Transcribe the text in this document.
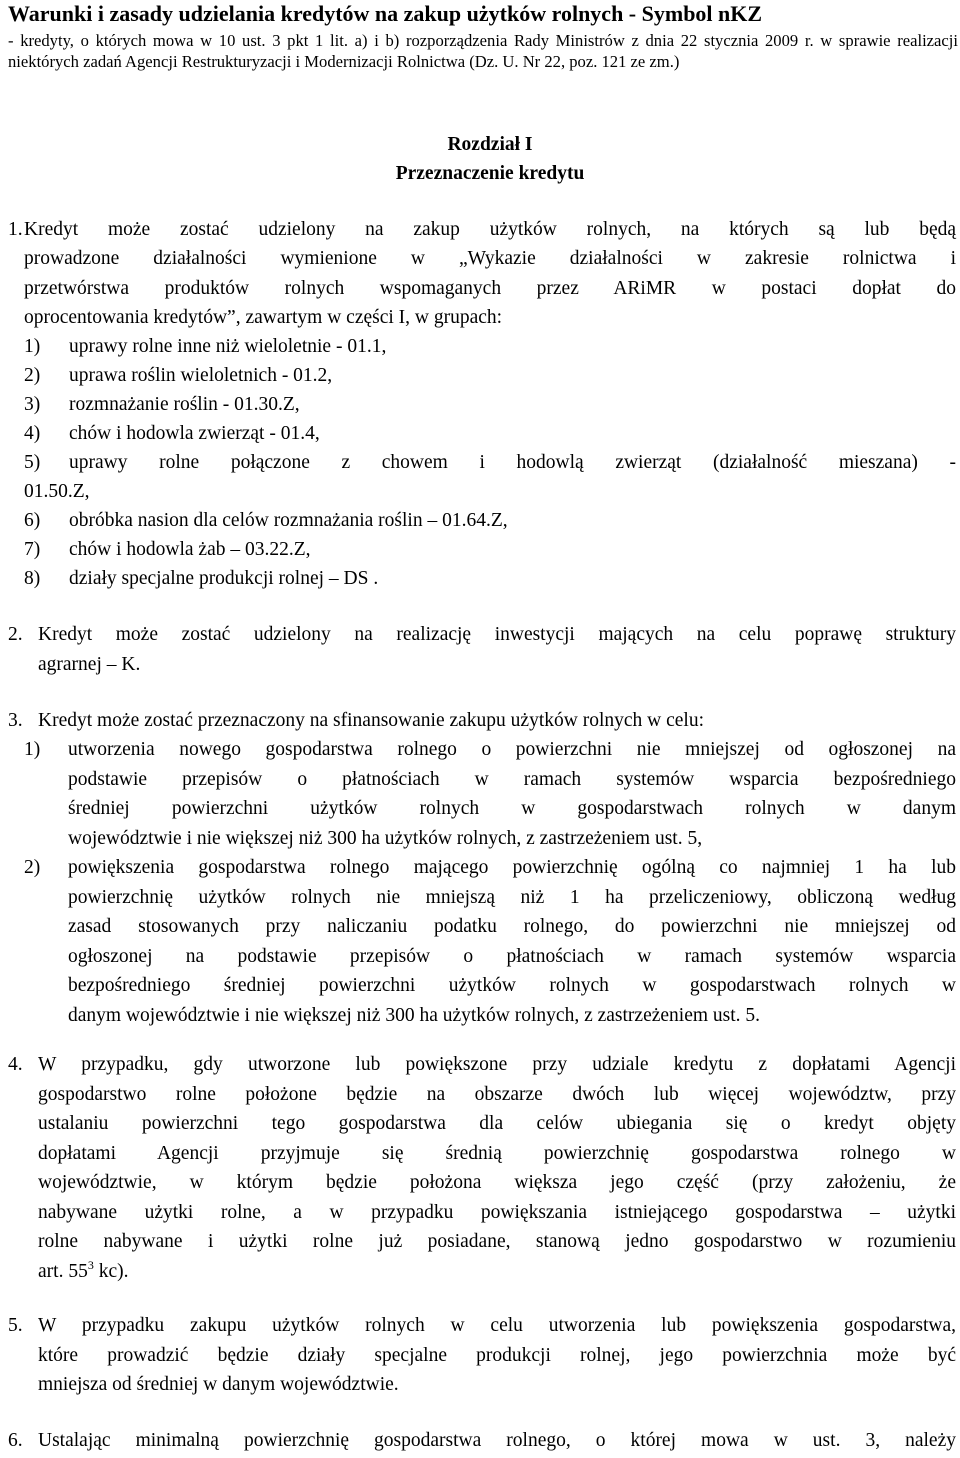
Warunki i zasady udzielania kredytów na zakup użytków rolnych - Symbol nKZ

- kredyty, o których mowa w 10 ust. 3 pkt 1 lit. a) i b) rozporządzenia Rady Ministrów z dnia 22 stycznia 2009 r. w sprawie realizacji niektórych zadań Agencji Restrukturyzacji i Modernizacji Rolnictwa (Dz. U. Nr 22, poz. 121 ze zm.)

Rozdział I

Przeznaczenie kredytu

1. Kredyt może zostać udzielony na zakup użytków rolnych, na których są lub będą
prowadzone działalności wymienione w „Wykazie działalności w zakresie rolnictwa i
przetwórstwa produktów rolnych wspomaganych przez ARiMR w postaci dopłat do
oprocentowania kredytów”, zawartym w części I, w grupach:
1) uprawy rolne inne niż wieloletnie - 01.1,
2) uprawa roślin wieloletnich - 01.2,
3) rozmnażanie roślin - 01.30.Z,
4) chów i hodowla zwierząt - 01.4,
5) uprawy rolne połączone z chowem i hodowlą zwierząt (działalność mieszana) -
01.50.Z,
6) obróbka nasion dla celów rozmnażania roślin – 01.64.Z,
7) chów i hodowla żab – 03.22.Z,
8) działy specjalne produkcji rolnej – DS .
2. Kredyt może zostać udzielony na realizację inwestycji mających na celu poprawę struktury
agrarnej – K.
3. Kredyt może zostać przeznaczony na sfinansowanie zakupu użytków rolnych w celu:
1) utworzenia nowego gospodarstwa rolnego o powierzchni nie mniejszej od ogłoszonej na
podstawie przepisów o płatnościach w ramach systemów wsparcia bezpośredniego
średniej powierzchni użytków rolnych w gospodarstwach rolnych w danym
województwie i nie większej niż 300 ha użytków rolnych, z zastrzeżeniem ust. 5,
2) powiększenia gospodarstwa rolnego mającego powierzchnię ogólną co najmniej 1 ha lub
powierzchnię użytków rolnych nie mniejszą niż 1 ha przeliczeniowy, obliczoną według
zasad stosowanych przy naliczaniu podatku rolnego, do powierzchni nie mniejszej od
ogłoszonej na podstawie przepisów o płatnościach w ramach systemów wsparcia
bezpośredniego średniej powierzchni użytków rolnych w gospodarstwach rolnych w
danym województwie i nie większej niż 300 ha użytków rolnych, z zastrzeżeniem ust. 5.
4. W przypadku, gdy utworzone lub powiększone przy udziale kredytu z dopłatami Agencji
gospodarstwo rolne położone będzie na obszarze dwóch lub więcej województw, przy
ustalaniu powierzchni tego gospodarstwa dla celów ubiegania się o kredyt objęty
dopłatami Agencji przyjmuje się średnią powierzchnię gospodarstwa rolnego w
województwie, w którym będzie położona większa jego część (przy założeniu, że
nabywane użytki rolne, a w przypadku powiększania istniejącego gospodarstwa – użytki
rolne nabywane i użytki rolne już posiadane, stanową jedno gospodarstwo w rozumieniu
art. $55^3$ kc).
5. W przypadku zakupu użytków rolnych w celu utworzenia lub powiększenia gospodarstwa,
które prowadzić będzie działy specjalne produkcji rolnej, jego powierzchnia może być
mniejsza od średniej w danym województwie.
6. Ustalając minimalną powierzchnię gospodarstwa rolnego, o której mowa w ust. 3, należy
